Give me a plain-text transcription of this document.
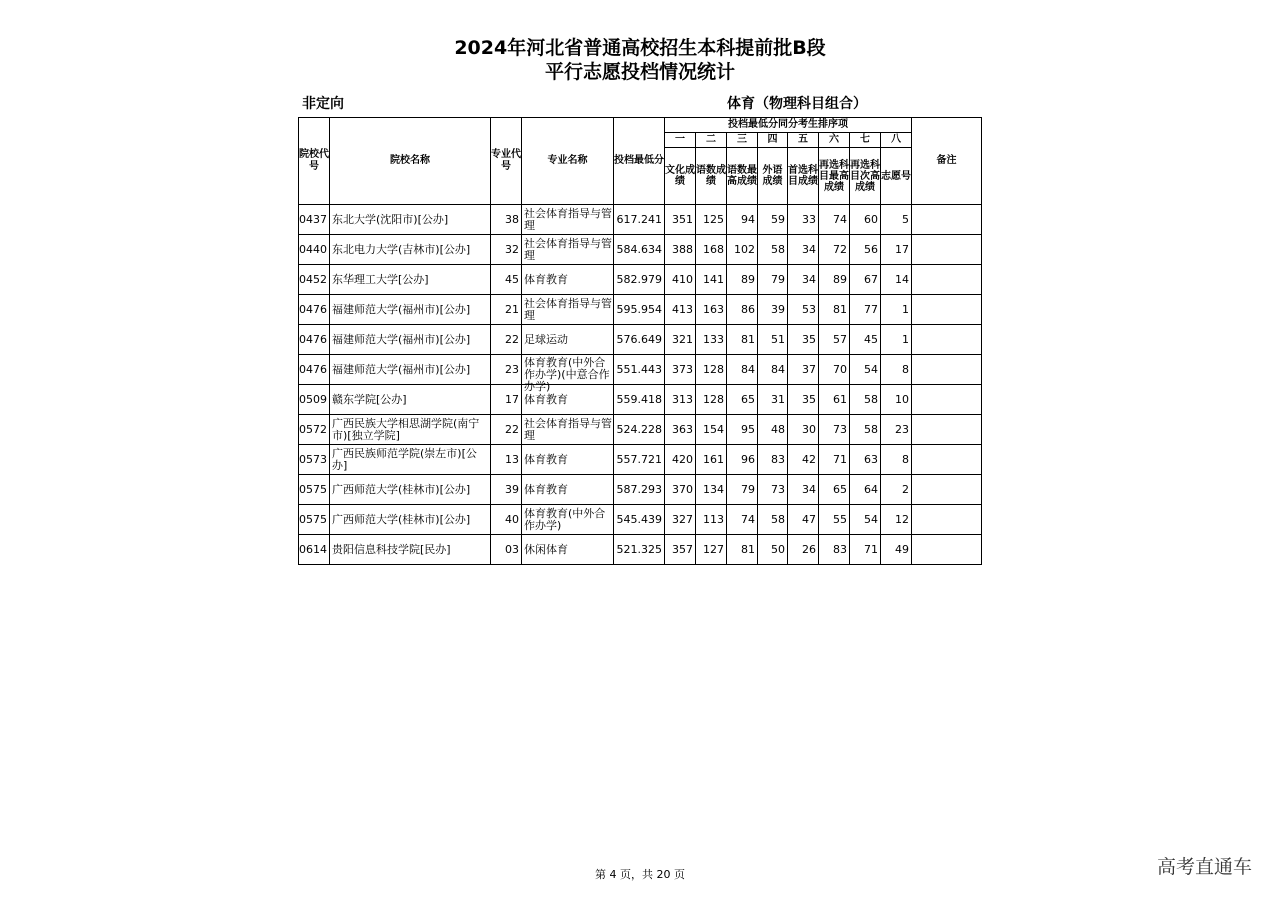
2024年河北省普通高校招生本科提前批B段
平行志愿投档情况统计
非定向	体育（物理科目组合）
院校代号	院校名称	专业代号	专业名称	投档最低分	投档最低分同分考生排序项								备注
					一	二	三	四	五	六	七	八	
					文化成绩	语数成绩	语数最高成绩	外语成绩	首选科目成绩	再选科目最高成绩	再选科目次高成绩	志愿号	

0437	东北大学(沈阳市)[公办]	38	社会体育指导与管理	617.241	351	125	94	59	33	74	60	5	

0440	东北电力大学(吉林市)[公办]	32	社会体育指导与管理	584.634	388	168	102	58	34	72	56	17	

0452	东华理工大学[公办]	45	体育教育	582.979	410	141	89	79	34	89	67	14	

0476	福建师范大学(福州市)[公办]	21	社会体育指导与管理	595.954	413	163	86	39	53	81	77	1	

0476	福建师范大学(福州市)[公办]	22	足球运动	576.649	321	133	81	51	35	57	45	1	

0476	福建师范大学(福州市)[公办]	23	体育教育(中外合作办学)(中意合作办学)	551.443	373	128	84	84	37	70	54	8	

0509	赣东学院[公办]	17	体育教育	559.418	313	128	65	31	35	61	58	10	

0572	广西民族大学相思湖学院(南宁市)[独立学院]	22	社会体育指导与管理	524.228	363	154	95	48	30	73	58	23	

0573	广西民族师范学院(崇左市)[公办]	13	体育教育	557.721	420	161	96	83	42	71	63	8	

0575	广西师范大学(桂林市)[公办]	39	体育教育	587.293	370	134	79	73	34	65	64	2	

0575	广西师范大学(桂林市)[公办]	40	体育教育(中外合作办学)	545.439	327	113	74	58	47	55	54	12	

0614	贵阳信息科技学院[民办]	03	休闲体育	521.325	357	127	81	50	26	83	71	49	

第 4 页，共 20 页	高考直通车
